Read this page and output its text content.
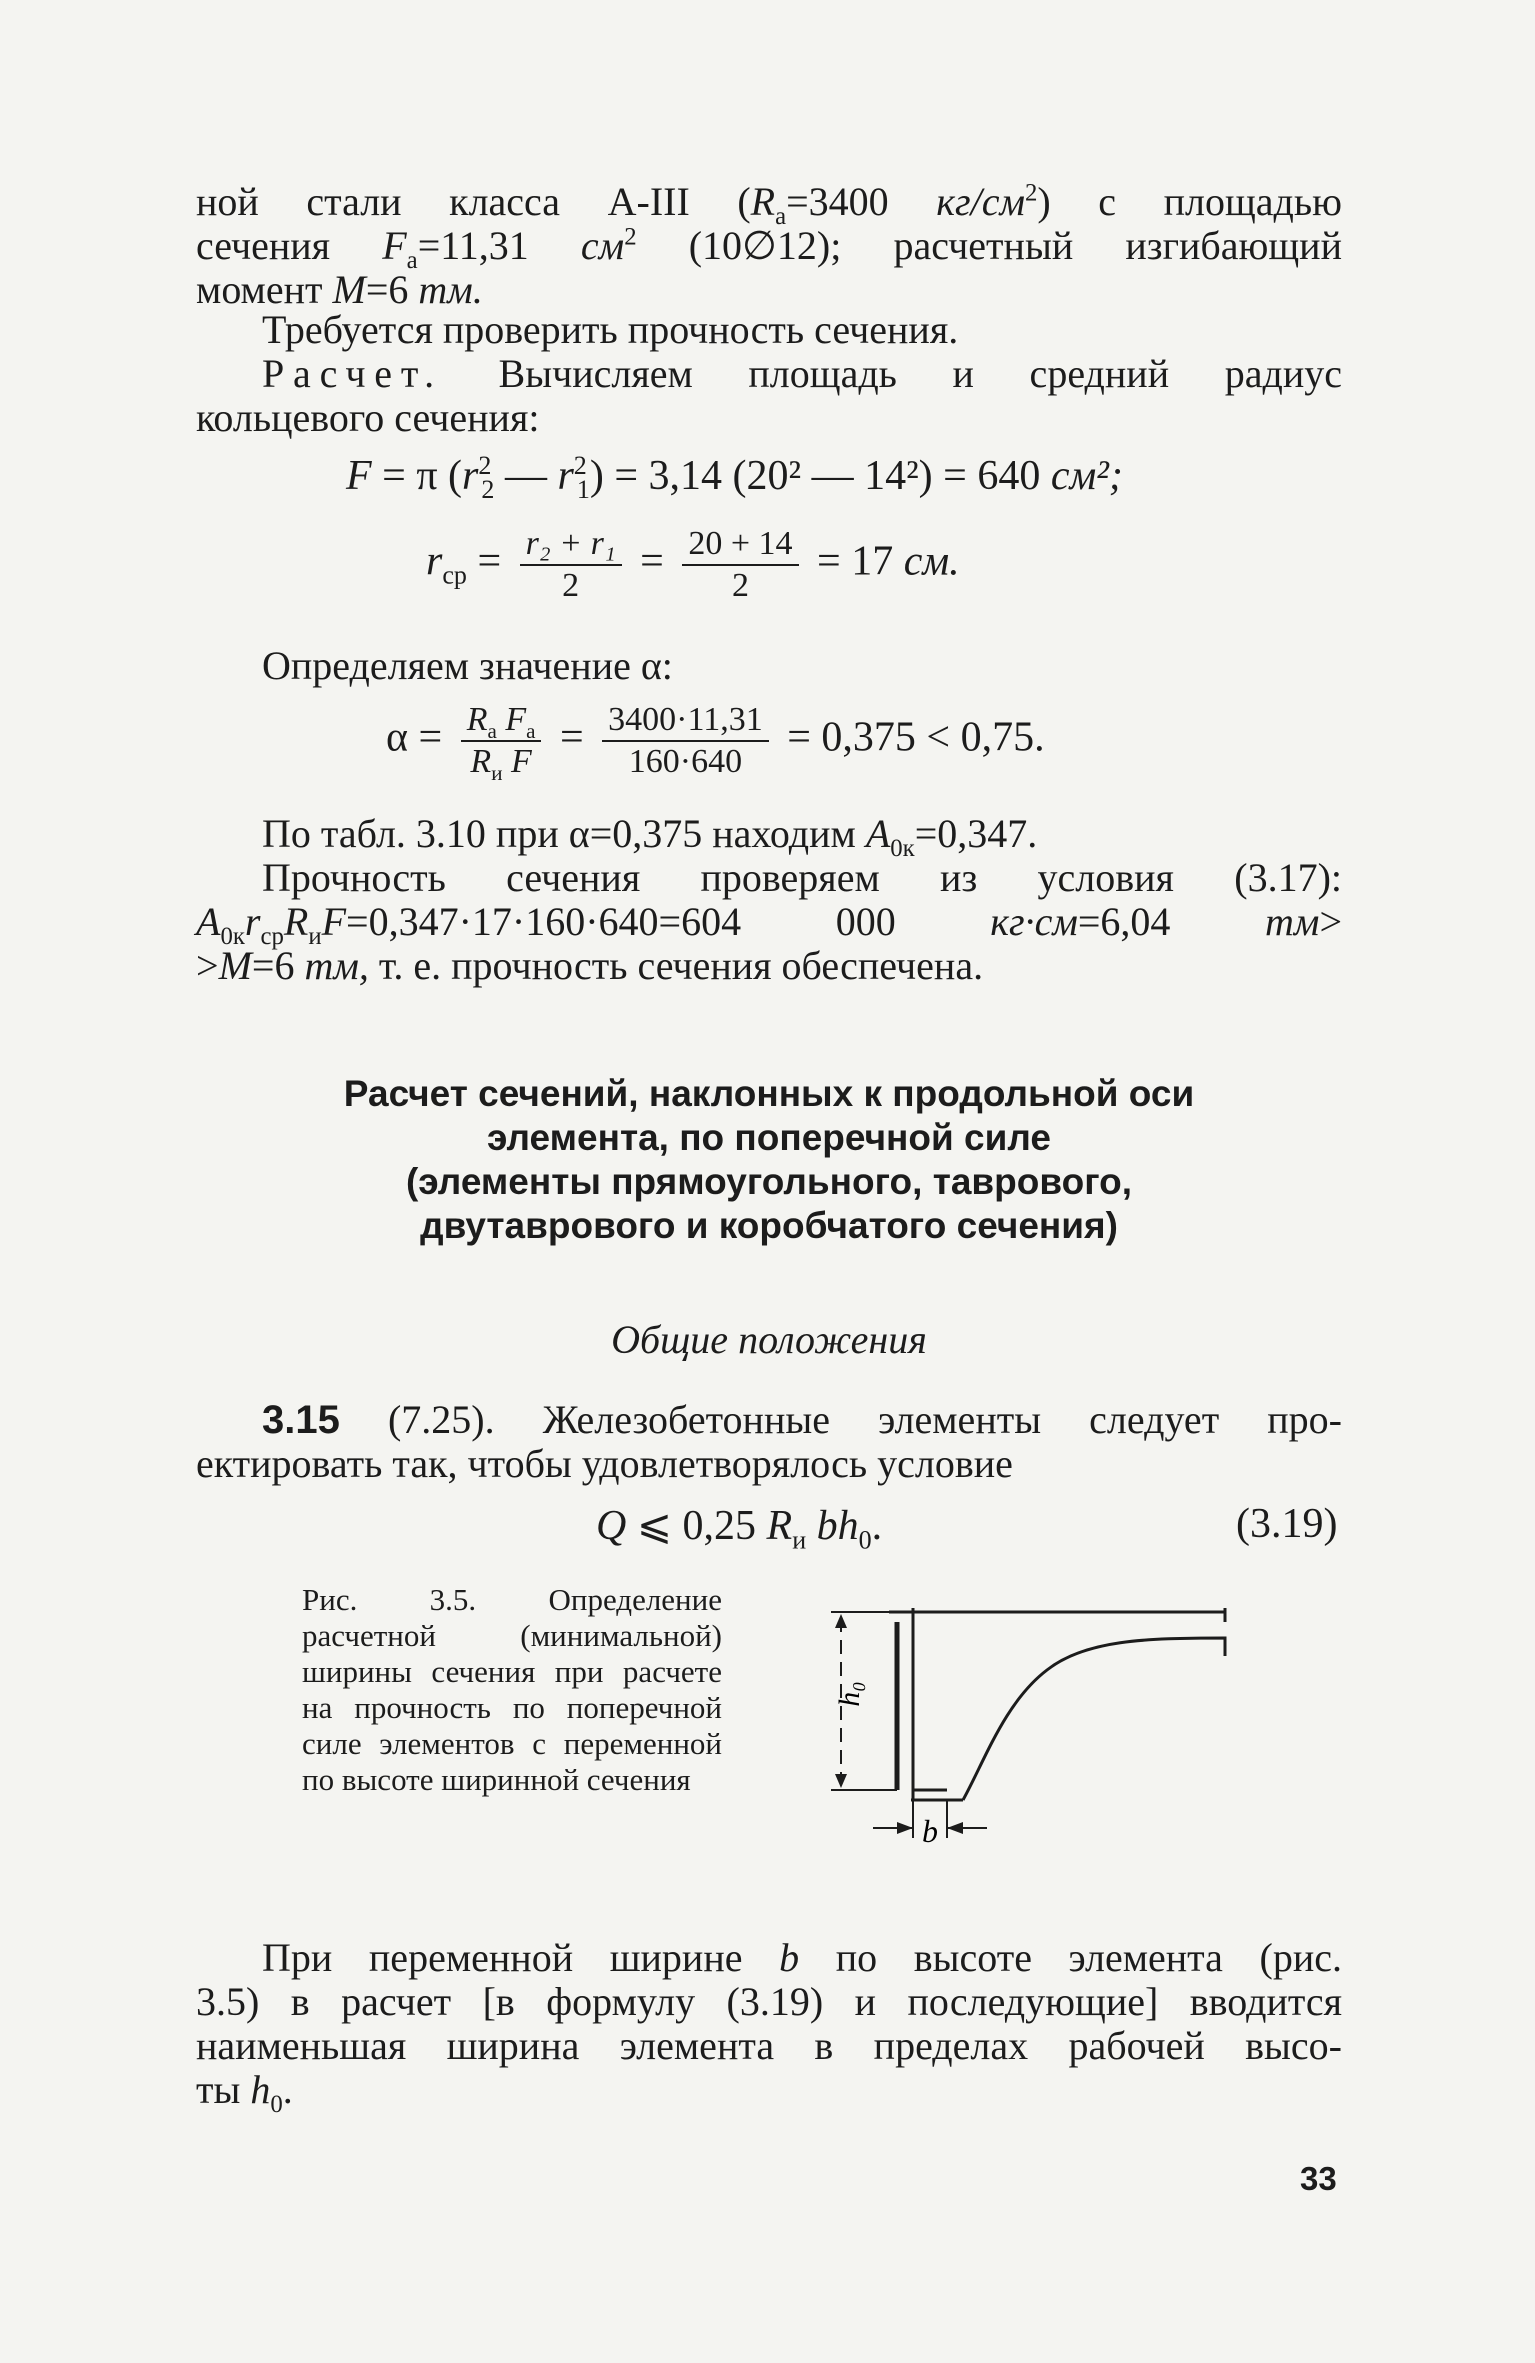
ной стали класса А-III ($R_a=3400$ $кг/см^2$) с площадью
сечения $F_a=11,31$ $см^2$ (10∅12); расчетный изгибающий
момент M=6 тм.
Требуется проверить прочность сечения.
Расчет. Вычисляем площадь и средний радиус
кольцевого сечения:
F = π ($r^2_2$ — $r^2_1) = 3,14$ (20² — 14²) = 640 см²;
$r_{ср} = \frac{\text{r₂ + r₁}}{2} = \frac{20 + 14}{2} = 17$ см.
Определяем значение α:
$\alpha = \frac{R_a F_a}{R_и F} = \frac{3400\cdot 11,31}{160\cdot 640} = 0,375 < 0,75$.
По табл. 3.10 при α=0,375 находим $A_{0к}=0,347$.
Прочность сечения проверяем из условия (3.17):
$A_{0к}r_{ср}R_иF=0,347\cdot 17\cdot 160\cdot 640=604$ 000 кг·см=6,04 тм>
>M=6 тм, т. е. прочность сечения обеспечена.
Расчет сечений, наклонных к продольной оси
элемента, по поперечной силе
(элементы прямоугольного, таврового,
двутаврового и коробчатого сечения)
Общие положения
3.15 (7.25). Железобетонные элементы следует про-
ектировать так, чтобы удовлетворялось условие
Q ⩽ 0,25 $R_и$ $bh_0$.	(3.19)
Рис. 3.5. Определение расчетной (минимальной) ширины сечения при расчете на прочность по поперечной силе элементов с переменной по высоте ширинной сечения
h₀
b
При переменной ширине b по высоте элемента (рис.
3.5) в расчет [в формулу (3.19) и последующие] вводится
наименьшая ширина элемента в пределах рабочей высо-
ты $h_0$.
33
